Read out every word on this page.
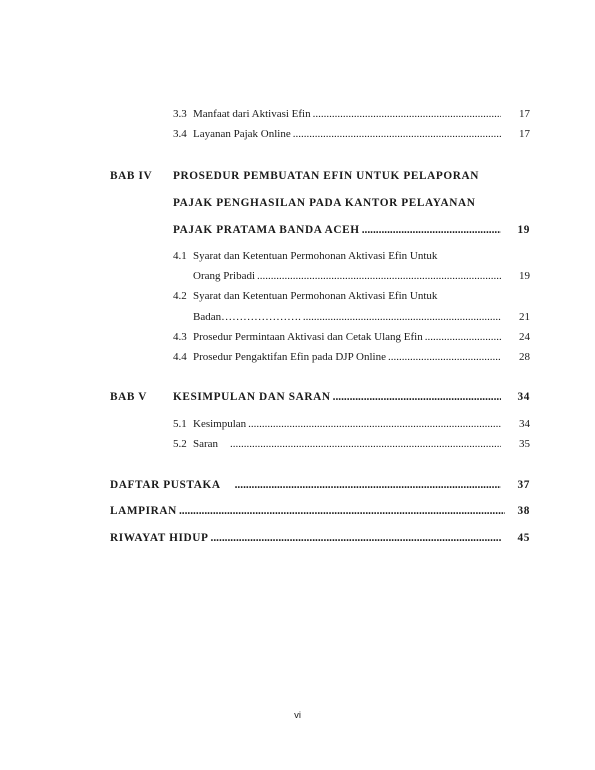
3.3 Manfaat dari Aktivasi Efin .....	17
3.4 Layanan Pajak Online .....	17
BAB IV PROSEDUR PEMBUATAN EFIN UNTUK PELAPORAN
PAJAK PENGHASILAN PADA KANTOR PELAYANAN
PAJAK PRATAMA BANDA ACEH .....	19
4.1 Syarat dan Ketentuan Permohonan Aktivasi Efin Untuk
Orang Pribadi .....	19
4.2 Syarat dan Ketentuan Permohonan Aktivasi Efin Untuk
Badan…………………. .....	21
4.3 Prosedur Permintaan Aktivasi dan Cetak Ulang Efin .....	24
4.4 Prosedur Pengaktifan Efin pada DJP Online .....	28
BAB V KESIMPULAN DAN SARAN .....	34
5.1 Kesimpulan .....	34
5.2 Saran .....	35
DAFTAR PUSTAKA .....	37
LAMPIRAN .....	38
RIWAYAT HIDUP .....	45
vi
